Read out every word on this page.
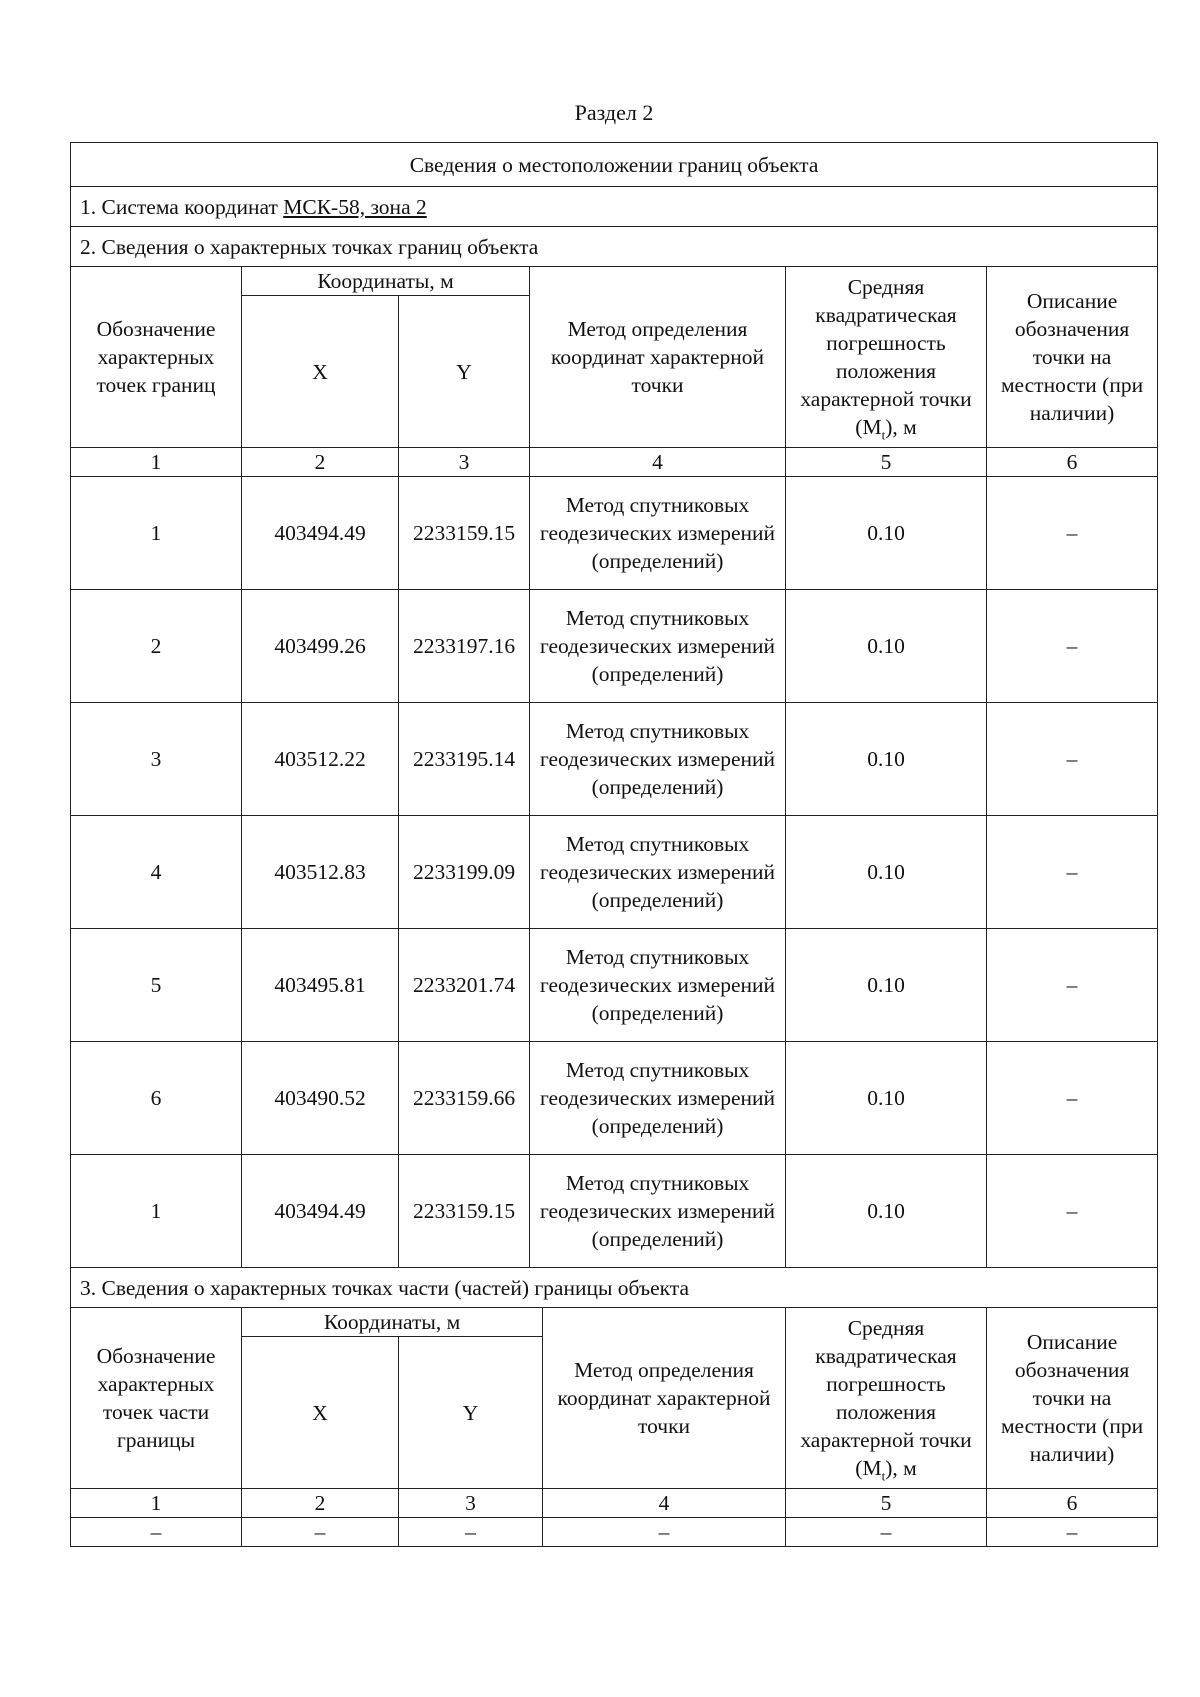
Раздел 2
Сведения о местоположении границ объекта						
1. Система координат МСК-58, зона 2						
2. Сведения о характерных точках границ объекта						
Обозначение характерных точек границ	Координаты, м		Метод определения координат характерной точки		Средняя квадратическая погрешность положения характерной точки $(M_t)$, м	Описание обозначения точки на местности (при наличии)
	X	Y				
1	2	3	4		5	6
1	403494.49	2233159.15	Метод спутниковых геодезических измерений (определений)		0.10	–
2	403499.26	2233197.16	Метод спутниковых геодезических измерений (определений)		0.10	–
3	403512.22	2233195.14	Метод спутниковых геодезических измерений (определений)		0.10	–
4	403512.83	2233199.09	Метод спутниковых геодезических измерений (определений)		0.10	–
5	403495.81	2233201.74	Метод спутниковых геодезических измерений (определений)		0.10	–
6	403490.52	2233159.66	Метод спутниковых геодезических измерений (определений)		0.10	–
1	403494.49	2233159.15	Метод спутниковых геодезических измерений (определений)		0.10	–
3. Сведения о характерных точках части (частей) границы объекта						
Обозначение характерных точек части границы	Координаты, м			Метод определения координат характерной точки	Средняя квадратическая погрешность положения характерной точки $(M_t)$, м	Описание обозначения точки на местности (при наличии)
	X	Y				
1	2	3		4	5	6
–	–	–		–	–	–
